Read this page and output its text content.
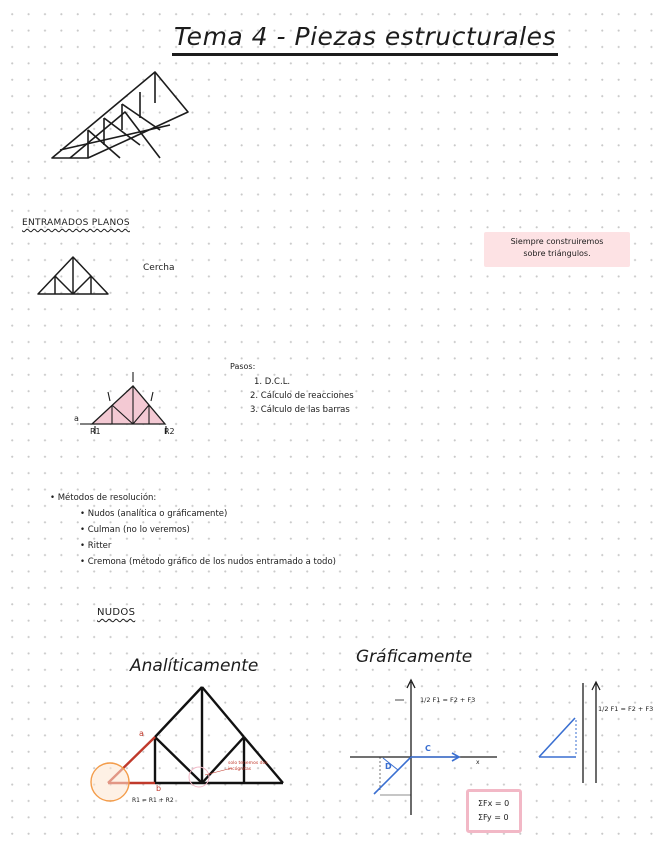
Tema 4 - Piezas estructurales
ENTRAMADOS PLANOS
Siempre construiremos
sobre triángulos.
Cercha
Pasos:
1. D.C.L.
2. Cálculo de reacciones
3. Cálculo de las barras
R1	R2
a
• Métodos de resolución:
• Nudos (analítica o gráficamente)
• Culman (no lo veremos)
• Ritter
• Cremona (método gráfico de los nudos entramado a todo)
NUDOS
Analíticamente	Gráficamente
a
b
R1 = R1 + R2
solo tenemos dos incógnitas
1/2 F1 = F2 + F3
1/2 F1 = F2 + F3
C
D	x
ΣFx = 0
ΣFy = 0
